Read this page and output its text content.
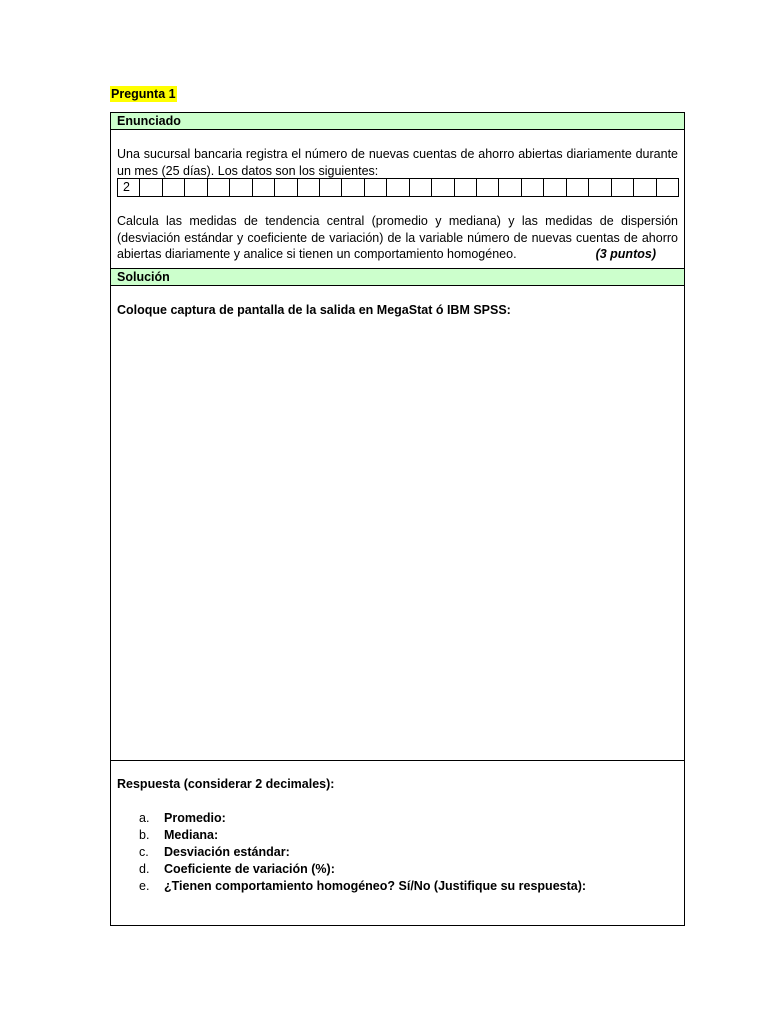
Pregunta 1
Enunciado
Una sucursal bancaria registra el número de nuevas cuentas de ahorro abiertas diariamente durante un mes (25 días). Los datos son los siguientes:
2
Calcula las medidas de tendencia central (promedio y mediana) y las medidas de dispersión (desviación estándar y coeficiente de variación) de la variable número de nuevas cuentas de ahorro abiertas diariamente y analice si tienen un comportamiento homogéneo.	(3 puntos)
Solución
Coloque captura de pantalla de la salida en MegaStat ó IBM SPSS:
Respuesta (considerar 2 decimales):
a.	Promedio:
b.	Mediana:
c.	Desviación estándar:
d.	Coeficiente de variación (%):
e.	¿Tienen comportamiento homogéneo? Sí/No (Justifique su respuesta):
